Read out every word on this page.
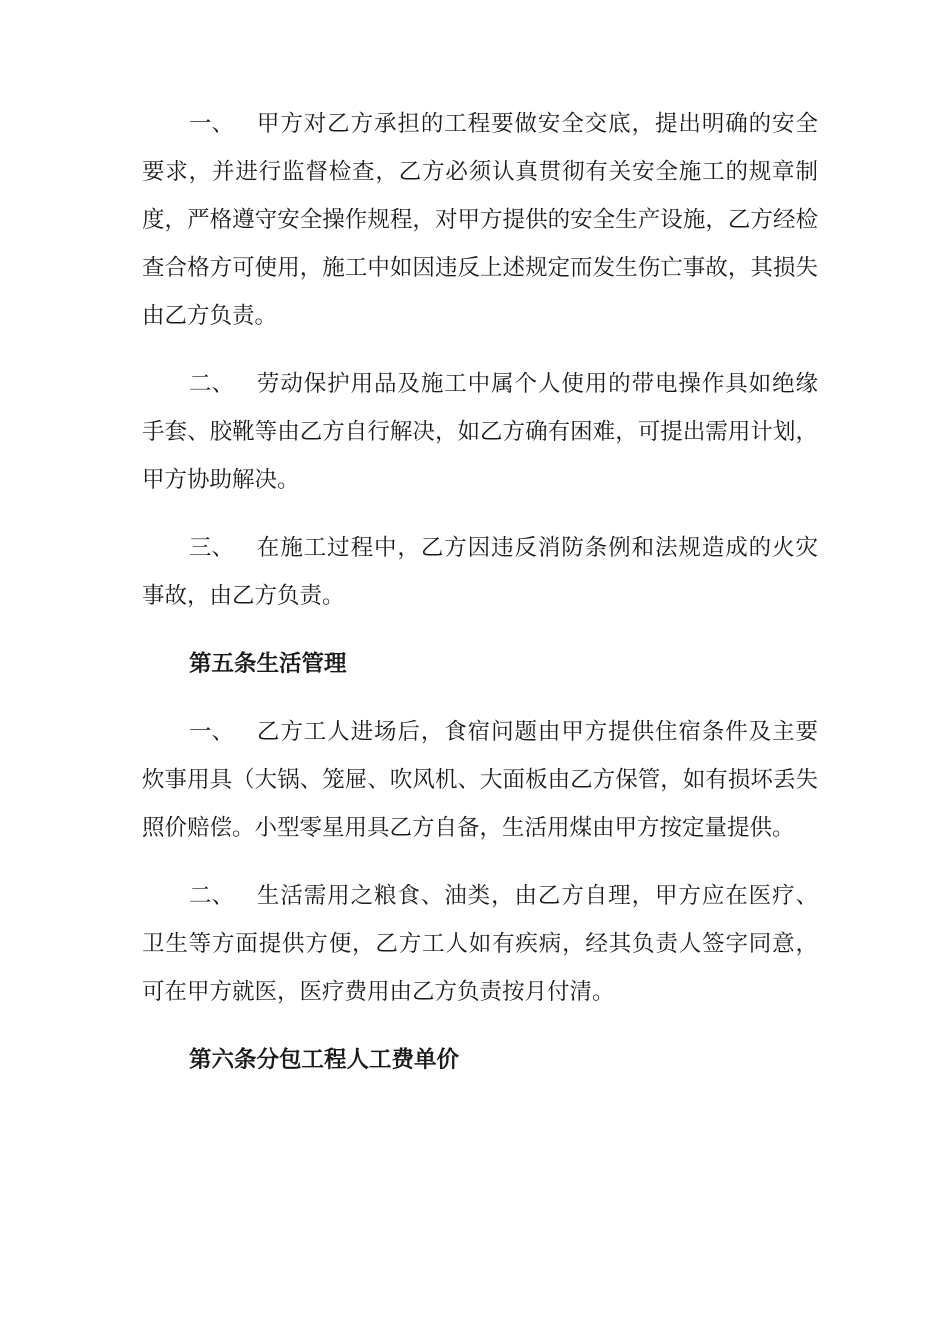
一、 甲方对乙方承担的工程要做安全交底，提出明确的安全要求，并进行监督检查，乙方必须认真贯彻有关安全施工的规章制度，严格遵守安全操作规程，对甲方提供的安全生产设施，乙方经检查合格方可使用，施工中如因违反上述规定而发生伤亡事故，其损失由乙方负责。

二、 劳动保护用品及施工中属个人使用的带电操作具如绝缘手套、胶靴等由乙方自行解决，如乙方确有困难，可提出需用计划，甲方协助解决。

三、 在施工过程中，乙方因违反消防条例和法规造成的火灾事故，由乙方负责。

第五条生活管理

一、 乙方工人进场后，食宿问题由甲方提供住宿条件及主要炊事用具（大锅、笼屉、吹风机、大面板由乙方保管，如有损坏丢失照价赔偿。小型零星用具乙方自备，生活用煤由甲方按定量提供。

二、 生活需用之粮食、油类，由乙方自理，甲方应在医疗、卫生等方面提供方便，乙方工人如有疾病，经其负责人签字同意， 可在甲方就医，医疗费用由乙方负责按月付清。

第六条分包工程人工费单价
